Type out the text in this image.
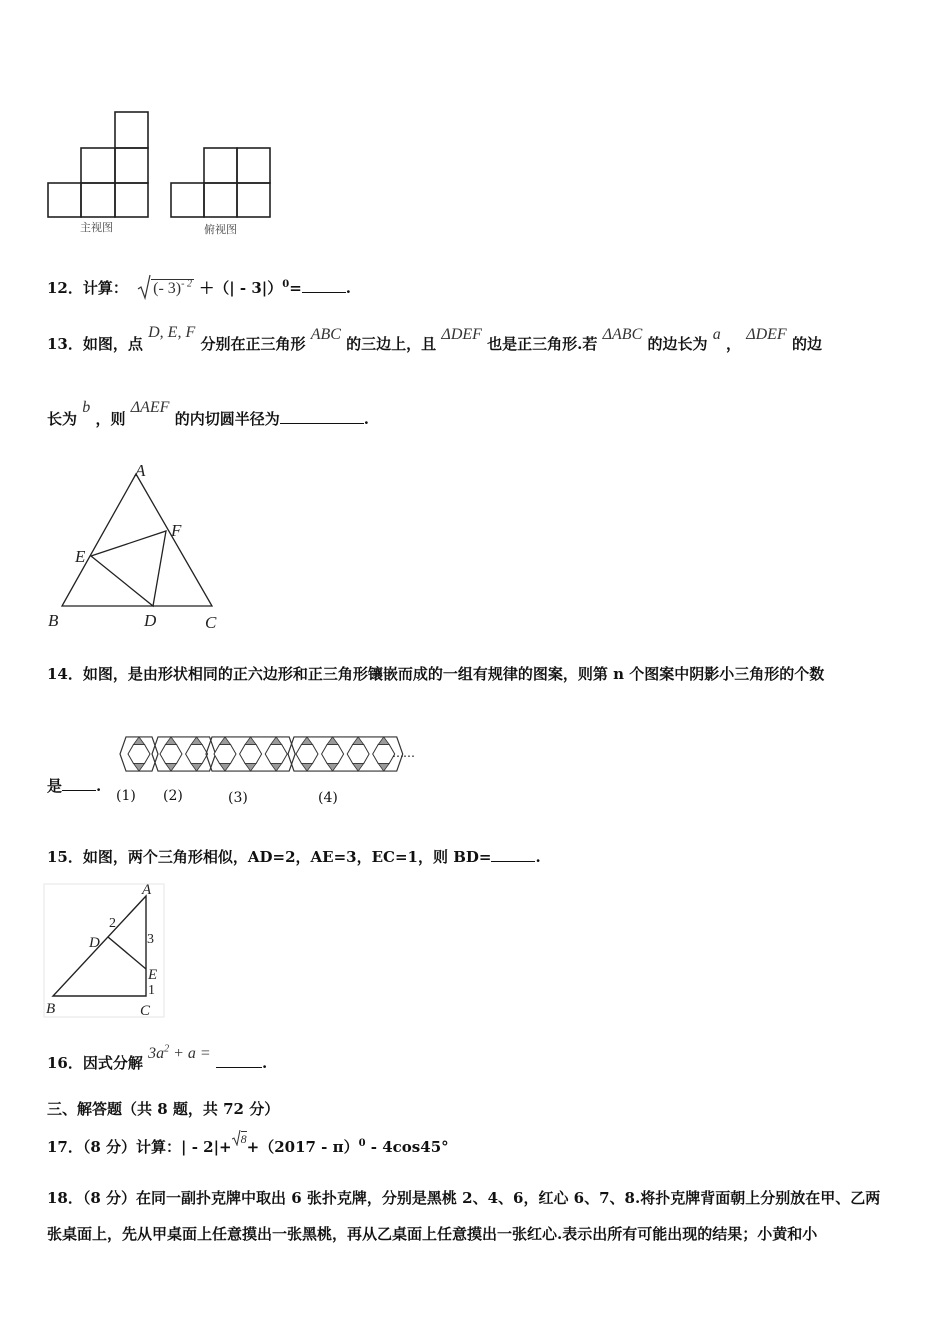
主视图	俯视图
12．计算： (- 3)$^{- 2}$ ＋（| - 3|）$^0$=	.
13．如图，点 D, E, F 分别在正三角形 ABC 的三边上，且 ΔDEF 也是正三角形.若 ΔABC 的边长为 a ， ΔDEF 的边
长为 b ，则 ΔAEF 的内切圆半径为	.
A
B	C
D
E
F
14．如图，是由形状相同的正六边形和正三角形镶嵌而成的一组有规律的图案，则第 n 个图案中阴影小三角形的个数
是 .
(1) (2)	(3)	(4)
……
15．如图，两个三角形相似，AD=2，AE=3，EC=1，则 BD=	.
A
B	C
D
E
2
3
1
16．因式分解 $3a^2 + a$ = .
三、解答题（共 8 题，共 72 分）
17．（8 分）计算：| - 2|+ 8+（2017 - π）$^0$ - 4cos45°
18．（8 分）在同一副扑克牌中取出 6 张扑克牌，分别是黑桃 2、4、6，红心 6、7、8.将扑克牌背面朝上分别放在甲、乙两
张桌面上，先从甲桌面上任意摸出一张黑桃，再从乙桌面上任意摸出一张红心.表示出所有可能出现的结果；小黄和小
